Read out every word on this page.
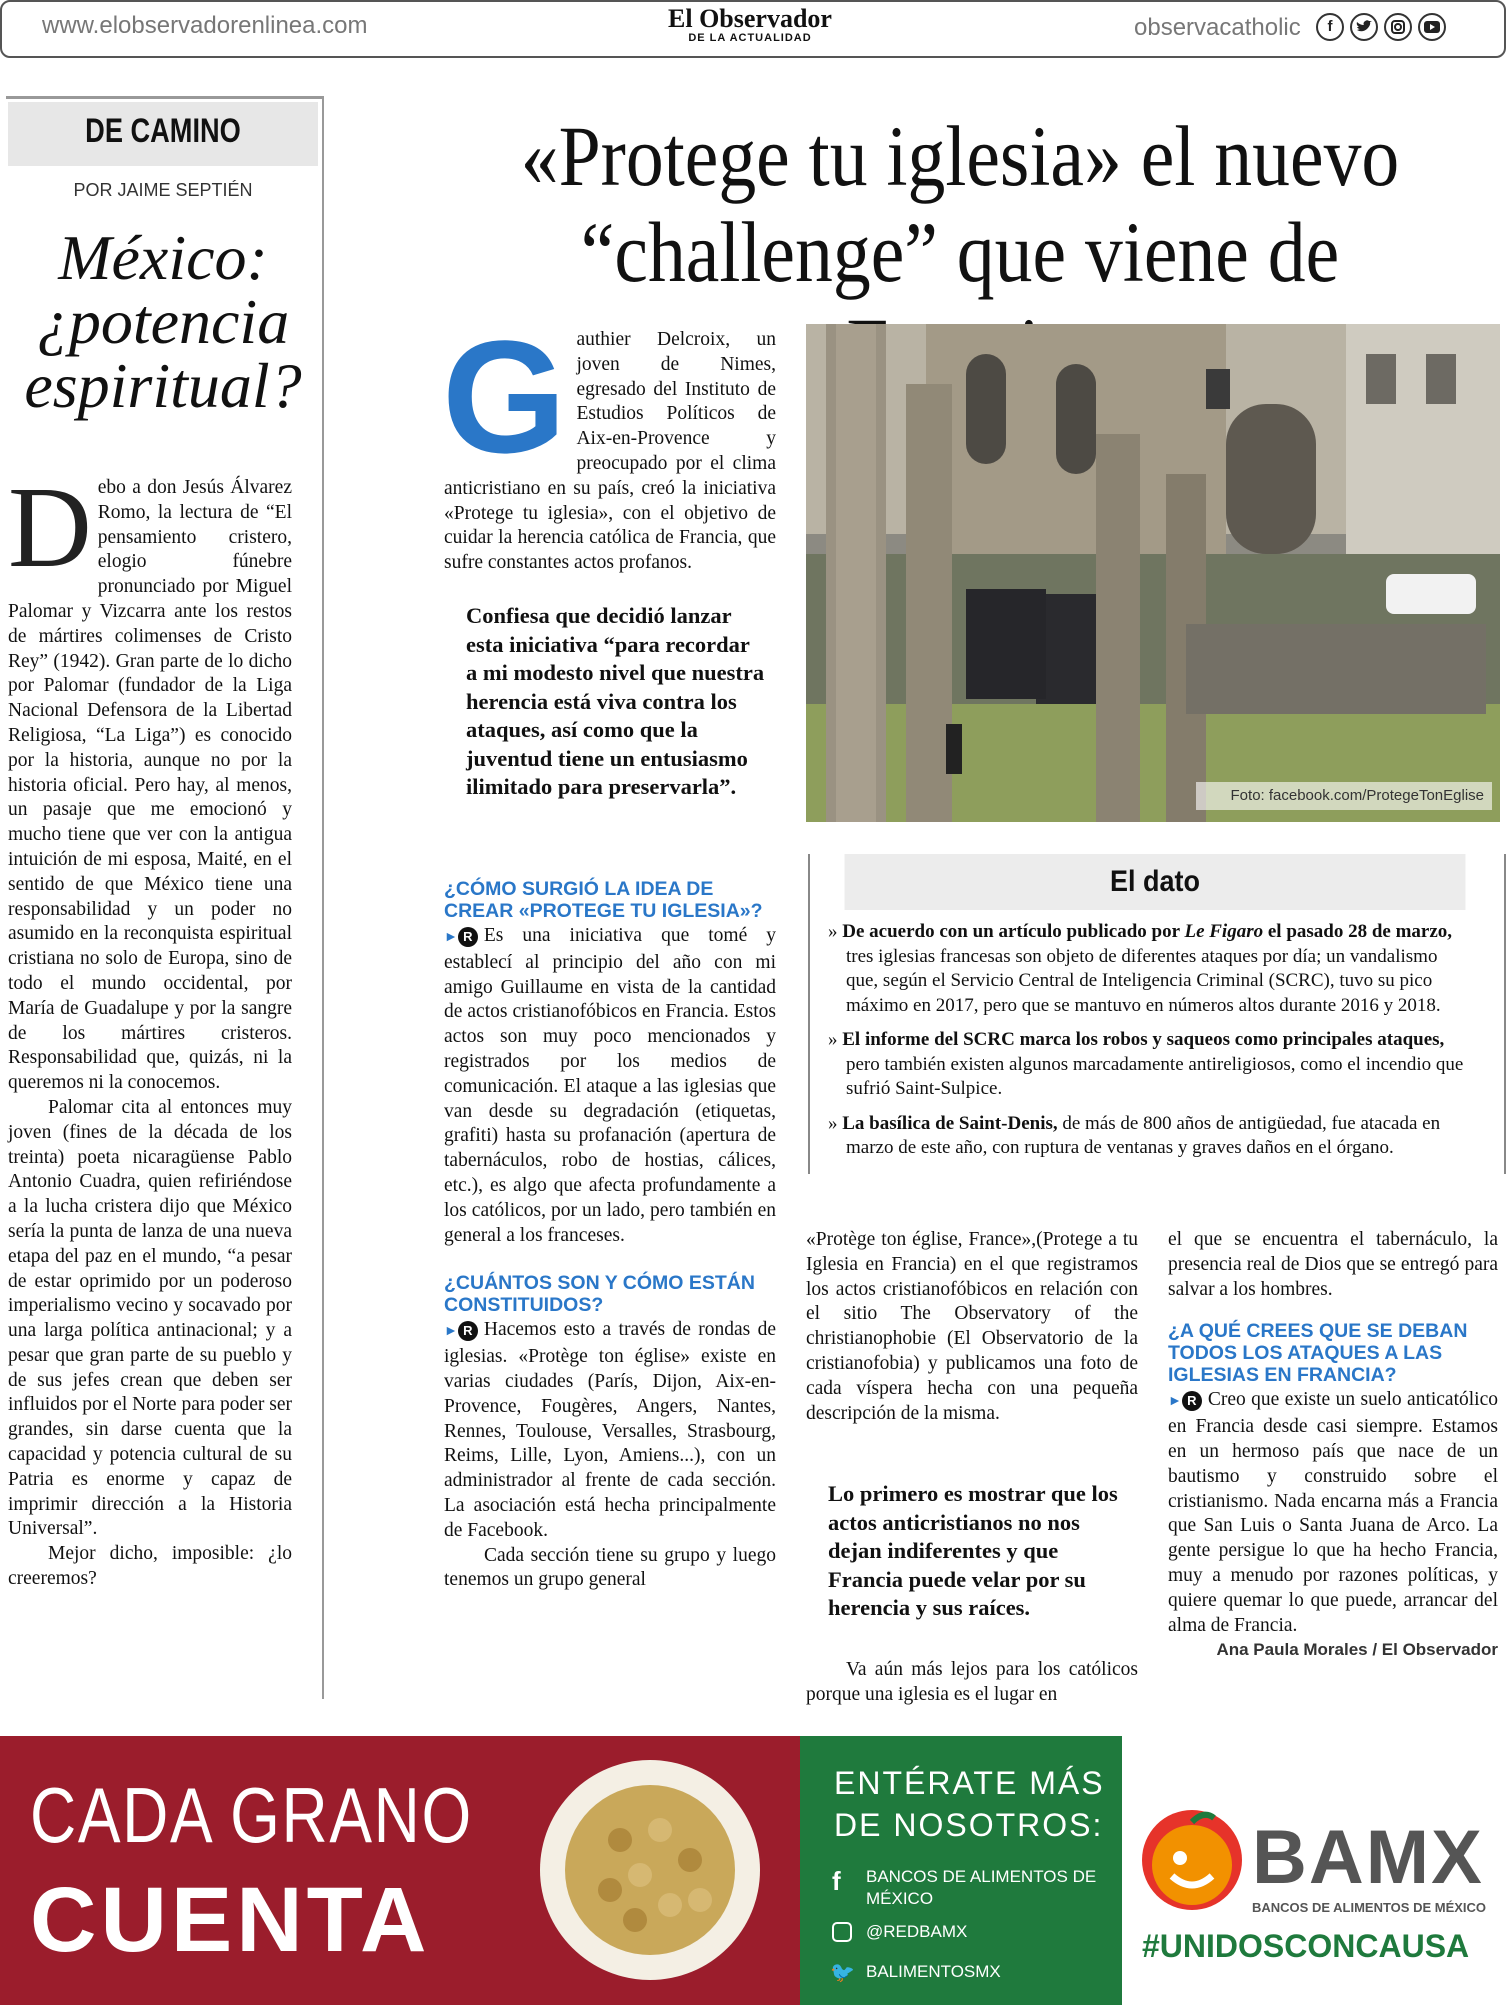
www.elobservadorenlinea.com	El Observador
DE LA ACTUALIDAD	observacatholic	f
DE CAMINO
POR JAIME SEPTIÉN
México: ¿potencia espiritual?
D ebo a don Jesús Álvarez Romo, la lectura de “El pensamiento cristero, elogio fúnebre pronunciado por Miguel Palomar y Vizcarra ante los restos de mártires colimenses de Cristo Rey” (1942). Gran parte de lo dicho por Palomar (fundador de la Liga Nacional Defensora de la Libertad Religiosa, “La Liga”) es conocido por la historia, aunque no por la historia oficial. Pero hay, al menos, un pasaje que me emocionó y mucho tiene que ver con la antigua intuición de mi esposa, Maité, en el sentido de que México tiene una responsabilidad y un poder no asumido en la reconquista espiritual cristiana no solo de Europa, sino de todo el mundo occidental, por María de Guadalupe y por la sangre de los mártires cristeros. Responsabilidad que, quizás, ni la queremos ni la conocemos.

Palomar cita al entonces muy joven (fines de la década de los treinta) poeta nicaragüense Pablo Antonio Cuadra, quien refiriéndose a la lucha cristera dijo que México sería la punta de lanza de una nueva etapa del paz en el mundo, “a pesar de estar oprimido por un poderoso imperialismo vecino y socavado por una larga política antinacional; y a pesar que gran parte de su pueblo y de sus jefes crean que deben ser influidos por el Norte para poder ser grandes, sin darse cuenta que la capacidad y potencia cultural de su Patria es enorme y capaz de imprimir dirección a la Historia Universal”.

Mejor dicho, imposible: ¿lo creeremos?

«Protege tu iglesia» el nuevo “challenge” que viene de
G authier Delcroix, un joven de Nimes, egresado del Instituto de Estudios Políticos de Aix-en-Provence y preocupado por el clima anticristiano en su país, creó la iniciativa «Protege tu iglesia», con el objetivo de cuidar la herencia católica de Francia, que sufre constantes actos profanos.
Foto: facebook.com/ProtegeTonEglise
Confiesa que decidió lanzar esta iniciativa “para recordar a mi modesto nivel que nuestra herencia está viva contra los ataques, así como que la juventud tiene un entusiasmo ilimitado para preservarla”.
¿CÓMO SURGIÓ LA IDEA DE CREAR «PROTEGE TU IGLESIA»?
► R Es una iniciativa que tomé y establecí al principio del año con mi amigo Guillaume en vista de la cantidad de actos cristianofóbicos en Francia. Estos actos son muy poco mencionados y registrados por los medios de comunicación. El ataque a las iglesias que van desde su degradación (etiquetas, grafiti) hasta su profanación (apertura de tabernáculos, robo de hostias, cálices, etc.), es algo que afecta profundamente a los católicos, por un lado, pero también en general a los franceses.
¿CUÁNTOS SON Y CÓMO ESTÁN CONSTITUIDOS?
► R Hacemos esto a través de rondas de iglesias. «Protège ton église» existe en varias ciudades (París, Dijon, Aix-en-Provence, Fougères, Angers, Nantes, Rennes, Toulouse, Versalles, Strasbourg, Reims, Lille, Lyon, Amiens...), con un administrador al frente de cada sección. La asociación está hecha principalmente de Facebook.
Cada sección tiene su grupo y luego tenemos un grupo general
El dato

» De acuerdo con un artículo publicado por Le Figaro el pasado 28 de marzo, tres iglesias francesas son objeto de diferentes ataques por día; un vandalismo que, según el Servicio Central de Inteligencia Criminal (SCRC), tuvo su pico máximo en 2017, pero que se mantuvo en números altos durante 2016 y 2018.

» El informe del SCRC marca los robos y saqueos como principales ataques, pero también existen algunos marcadamente antireligiosos, como el incendio que sufrió Saint-Sulpice.

» La basílica de Saint-Denis, de más de 800 años de antigüedad, fue atacada en marzo de este año, con ruptura de ventanas y graves daños en el órgano.

«Protège ton église, France»,(Protege a tu Iglesia en Francia) en el que registramos los actos cristianofóbicos en relación con el sitio The Observatory of the christianophobie (El Observatorio de la cristianofobia) y publicamos una foto de cada víspera hecha con una pequeña descripción de la misma.
Lo primero es mostrar que los actos anticristianos no nos dejan indiferentes y que Francia puede velar por su herencia y sus raíces.
Va aún más lejos para los católicos porque una iglesia es el lugar en
el que se encuentra el tabernáculo, la presencia real de Dios que se entregó para salvar a los hombres.
¿A QUÉ CREES QUE SE DEBAN TODOS LOS ATAQUES A LAS IGLESIAS EN FRANCIA?
► R Creo que existe un suelo anticatólico en Francia desde casi siempre. Estamos en un hermoso país que nace de un bautismo y construido sobre el cristianismo. Nada encarna más a Francia que San Luis o Santa Juana de Arco. La gente persigue lo que ha hecho Francia, muy a menudo por razones políticas, y quiere quemar lo que puede, arrancar del alma de Francia.
Ana Paula Morales / El Observador
CADA GRANO
CUENTA
ENTÉRATE MÁS
DE NOSOTROS:
f BANCOS DE ALIMENTOS DE MÉXICO
@REDBAMX
🐦 BALIMENTOSMX
BAMX
BANCOS DE ALIMENTOS DE MÉXICO
#UNIDOSCONCAUSA
